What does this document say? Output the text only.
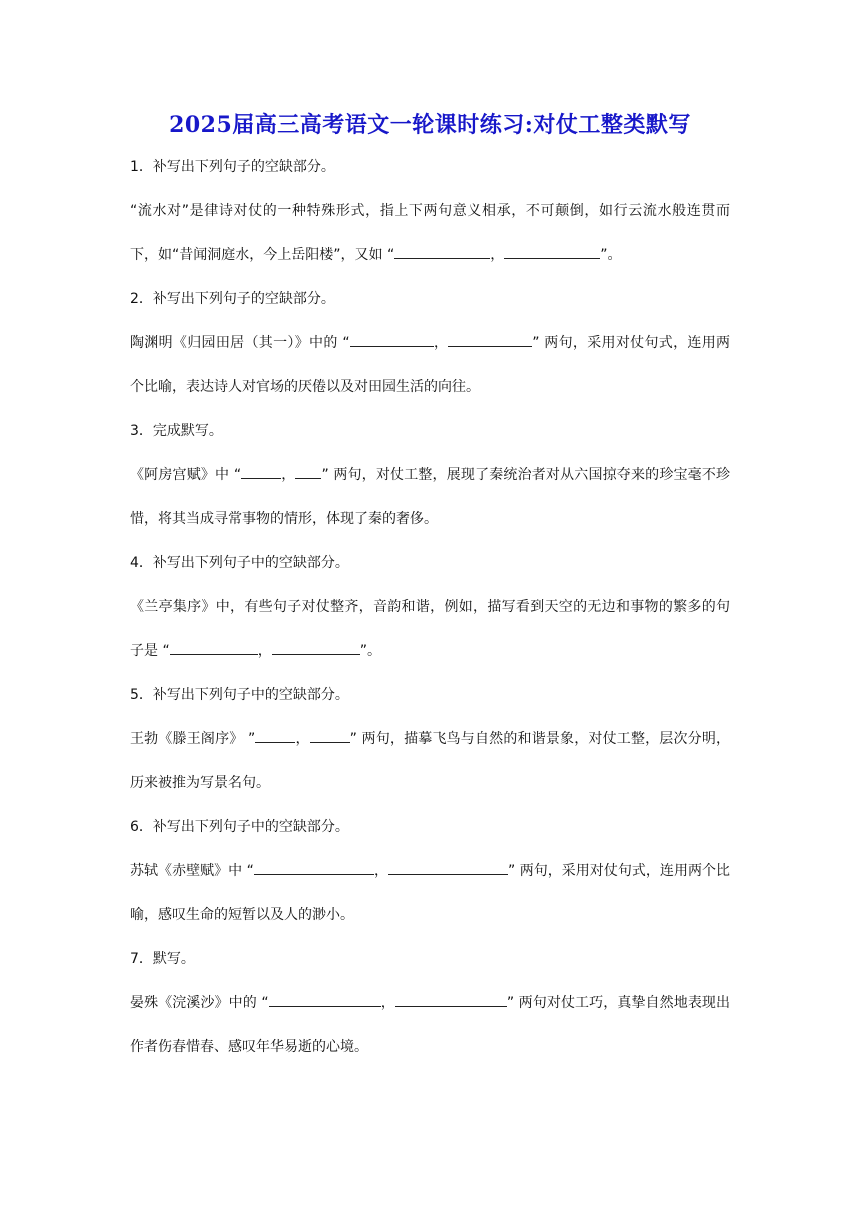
2025届高三高考语文一轮课时练习:对仗工整类默写
1．补写出下列句子的空缺部分。
“流水对”是律诗对仗的一种特殊形式，指上下两句意义相承，不可颠倒，如行云流水般连贯而下，如“昔闻洞庭水，今上岳阳楼”，又如 “	，	”。
2．补写出下列句子的空缺部分。
陶渊明《归园田居（其一）》中的 “	，	” 两句，采用对仗句式，连用两个比喻，表达诗人对官场的厌倦以及对田园生活的向往。
3．完成默写。
《阿房宫赋》中 “	， ” 两句，对仗工整，展现了秦统治者对从六国掠夺来的珍宝毫不珍惜，将其当成寻常事物的情形，体现了秦的奢侈。
4．补写出下列句子中的空缺部分。
《兰亭集序》中，有些句子对仗整齐，音韵和谐，例如，描写看到天空的无边和事物的繁多的句子是 “	，	”。
5．补写出下列句子中的空缺部分。
王勃《滕王阁序》 ”	，	” 两句，描摹飞鸟与自然的和谐景象，对仗工整，层次分明，历来被推为写景名句。
6．补写出下列句子中的空缺部分。
苏轼《赤壁赋》中 “	，	” 两句，采用对仗句式，连用两个比喻，感叹生命的短暂以及人的渺小。
7．默写。
晏殊《浣溪沙》中的 “	，	” 两句对仗工巧，真挚自然地表现出作者伤春惜春、感叹年华易逝的心境。
